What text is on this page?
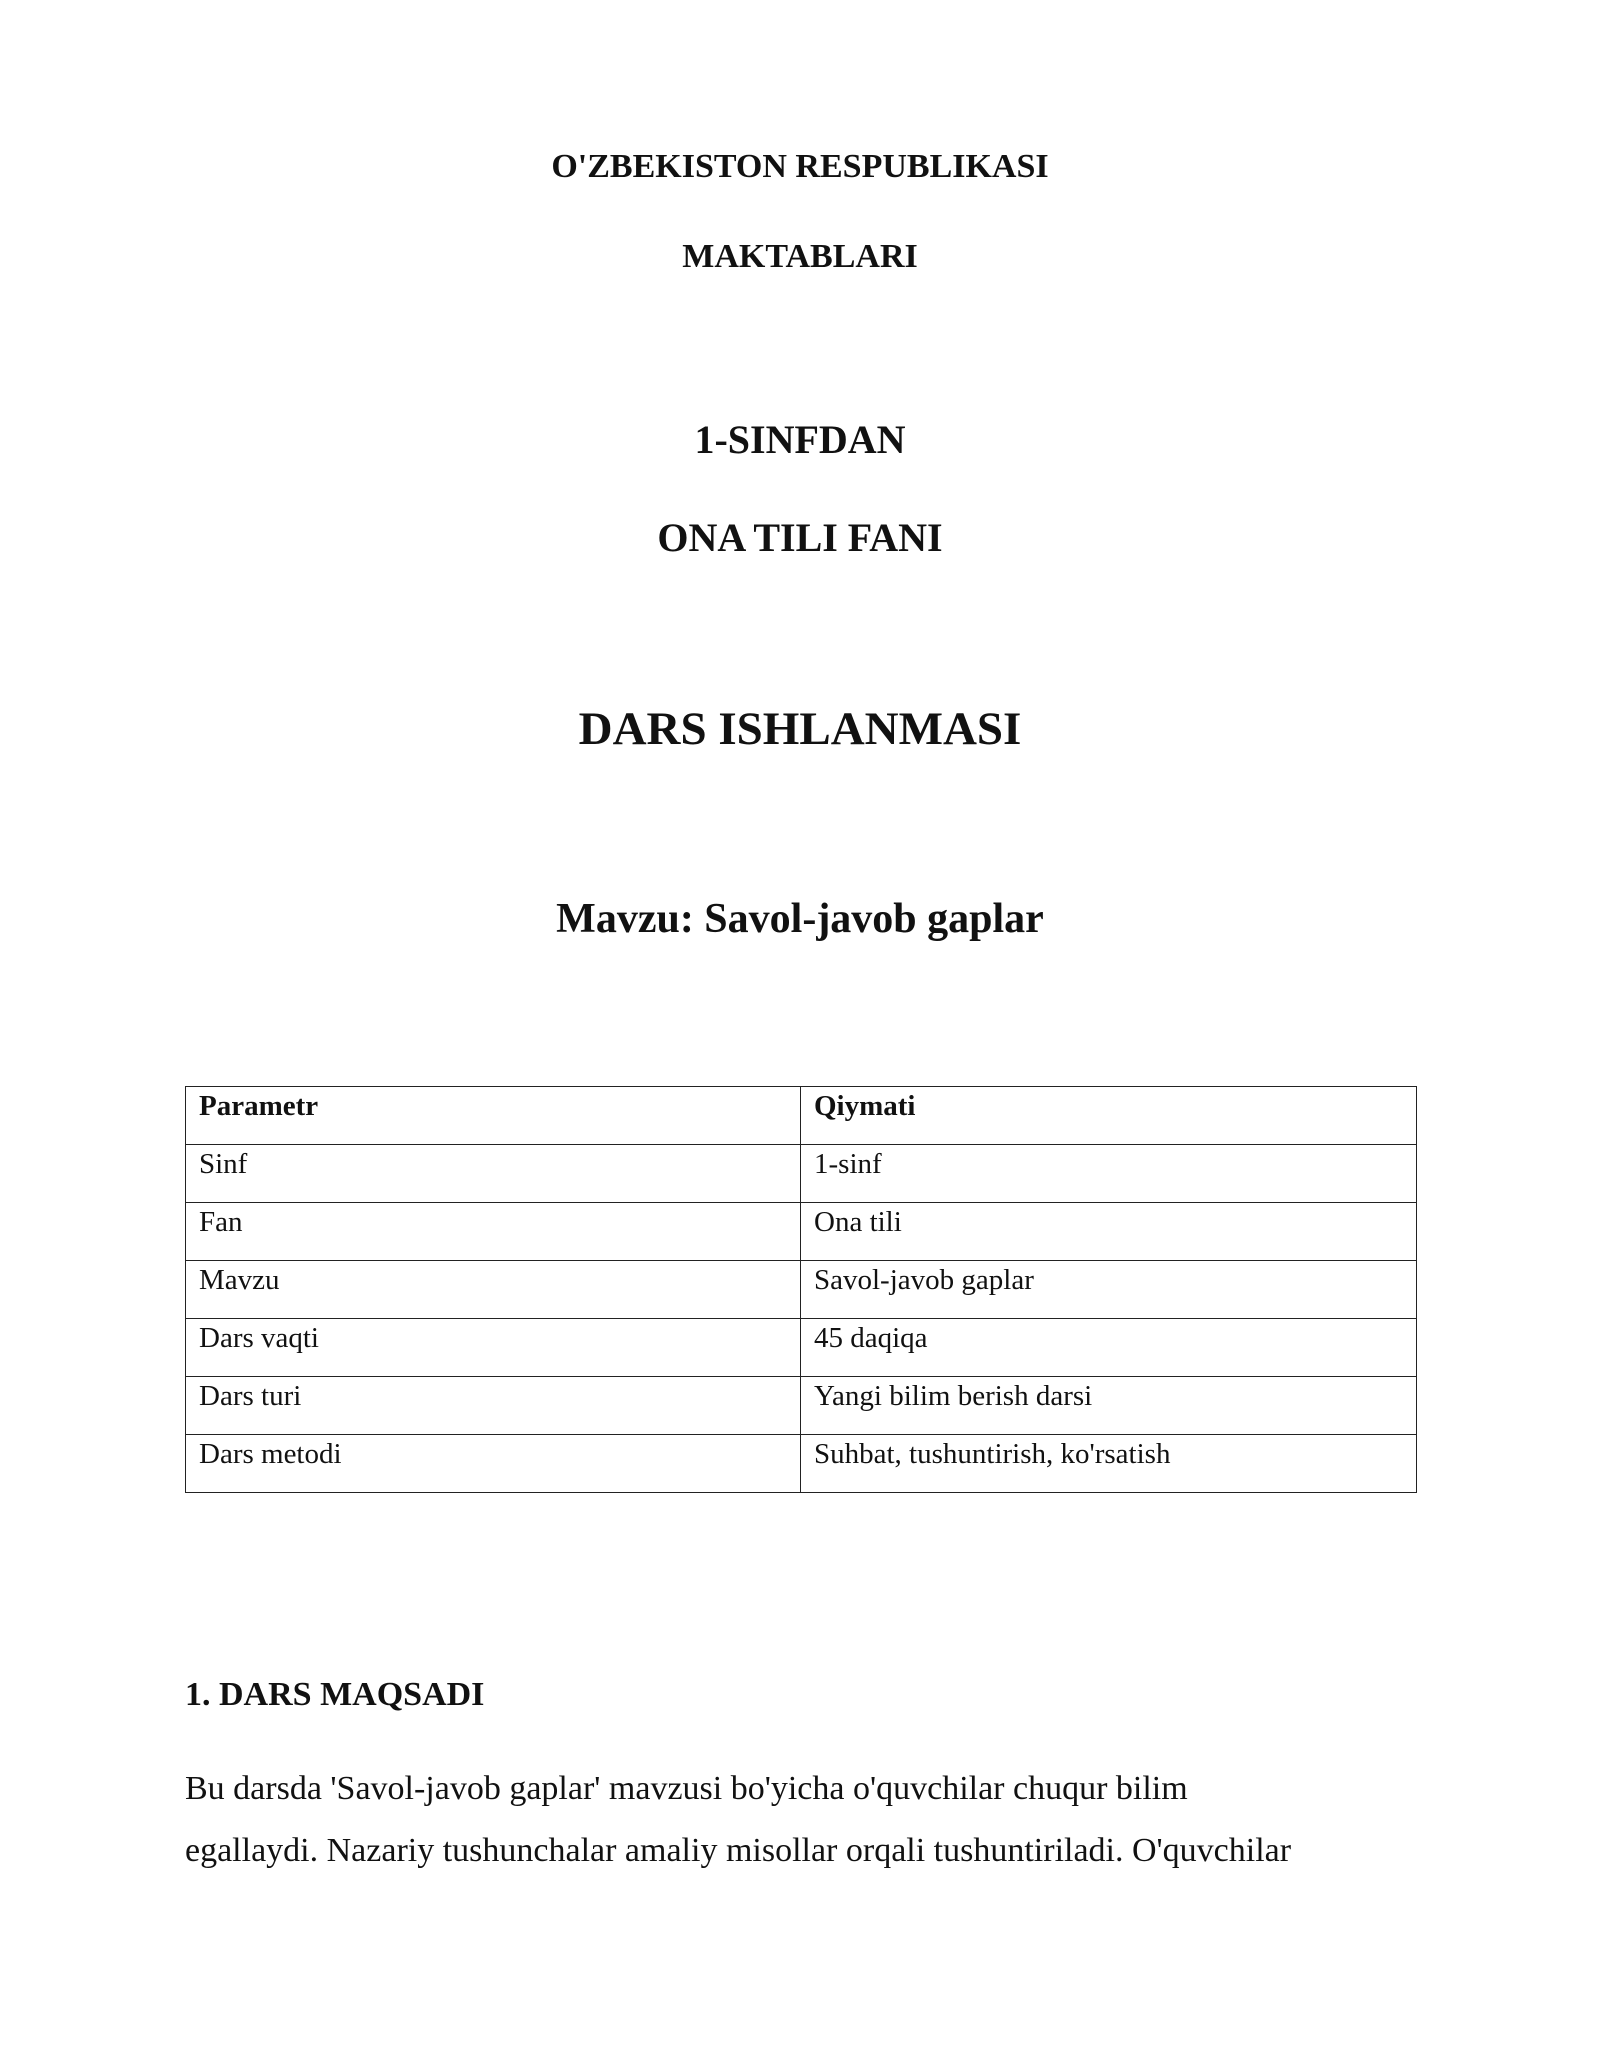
O'ZBEKISTON RESPUBLIKASI
MAKTABLARI
1-SINFDAN
ONA TILI FANI
DARS ISHLANMASI
Mavzu: Savol-javob gaplar
Parametr	Qiymati
Sinf	1-sinf
Fan	Ona tili
Mavzu	Savol-javob gaplar
Dars vaqti	45 daqiqa
Dars turi	Yangi bilim berish darsi
Dars metodi	Suhbat, tushuntirish, ko'rsatish
1. DARS MAQSADI
Bu darsda 'Savol-javob gaplar' mavzusi bo'yicha o'quvchilar chuqur bilim
egallaydi. Nazariy tushunchalar amaliy misollar orqali tushuntiriladi. O'quvchilar
